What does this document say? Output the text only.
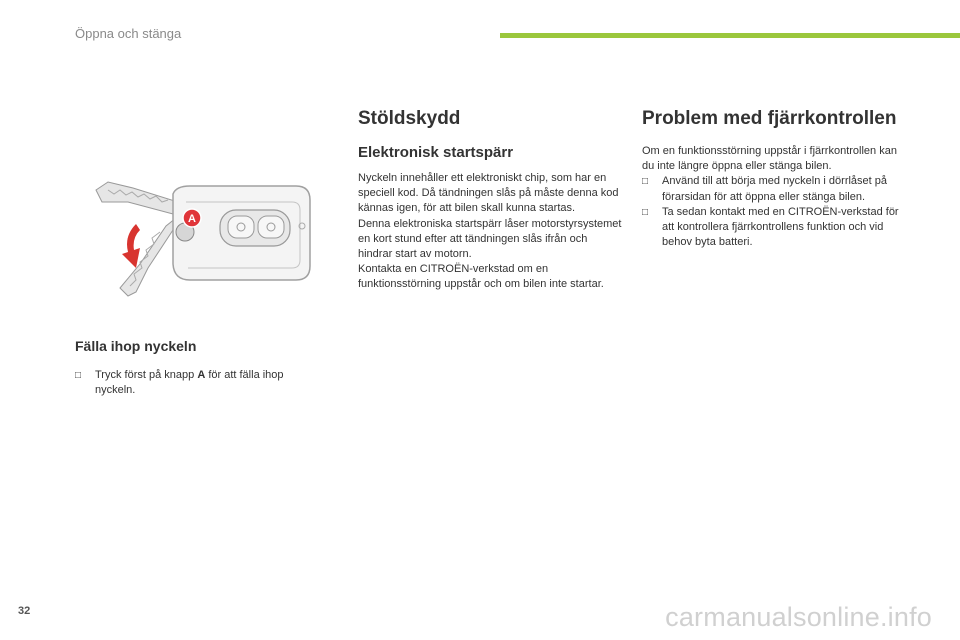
Öppna och stänga
A
Fälla ihop nyckeln
□	Tryck först på knapp A för att fälla ihop nyckeln.
Stöldskydd
Elektronisk startspärr

Nyckeln innehåller ett elektroniskt chip, som har en speciell kod. Då tändningen slås på måste denna kod kännas igen, för att bilen skall kunna startas.

Denna elektroniska startspärr låser motorstyrsystemet en kort stund efter att tändningen slås ifrån och hindrar start av motorn.

Kontakta en CITROËN-verkstad om en funktionsstörning uppstår och om bilen inte startar.

Problem med fjärrkontrollen

Om en funktionsstörning uppstår i fjärrkontrollen kan du inte längre öppna eller stänga bilen.

□	Använd till att börja med nyckeln i dörrlåset på förarsidan för att öppna eller stänga bilen.
□	Ta sedan kontakt med en CITROËN-verkstad för att kontrollera fjärrkontrollens funktion och vid behov byta batteri.
32	carmanualsonline.info
